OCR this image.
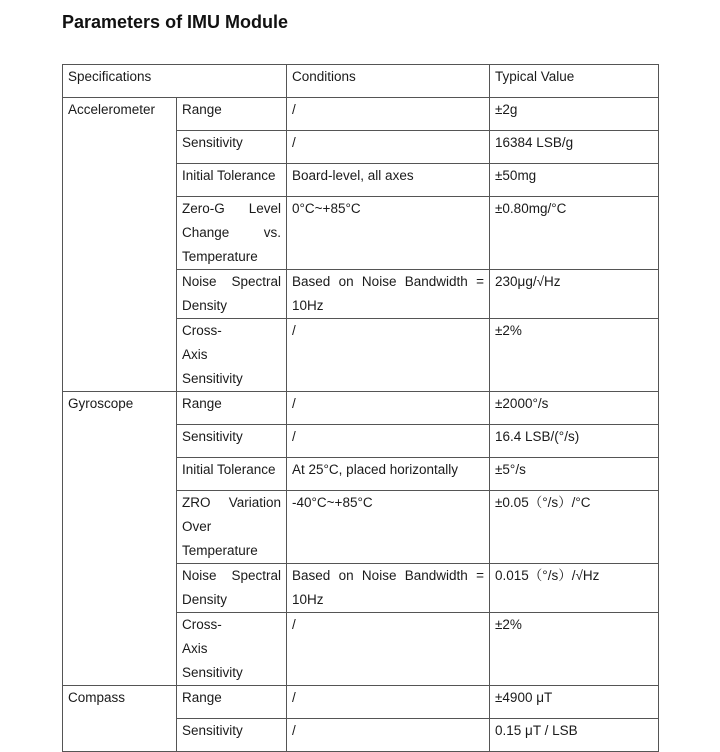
Parameters of IMU Module
Specifications		Conditions	Typical Value
Accelerometer	Range	/	±2g
	Sensitivity	/	16384 LSB/g
	Initial Tolerance	Board-level, all axes	±50mg
	Zero-G Level Change vs. Temperature	0°C~+85°C	±0.80mg/°C
	Noise Spectral Density	Based on Noise Bandwidth = 10Hz	230μg/√Hz
	Cross-Axis Sensitivity	/	±2%
Gyroscope	Range	/	±2000°/s
	Sensitivity	/	16.4 LSB/(°/s)
	Initial Tolerance	At 25°C, placed horizontally	±5°/s
	ZRO Variation Over Temperature	-40°C~+85°C	±0.05（°/s）/°C
	Noise Spectral Density	Based on Noise Bandwidth = 10Hz	0.015（°/s）/√Hz
	Cross-Axis Sensitivity	/	±2%
Compass	Range	/	±4900 μT
	Sensitivity	/	0.15 μT / LSB
